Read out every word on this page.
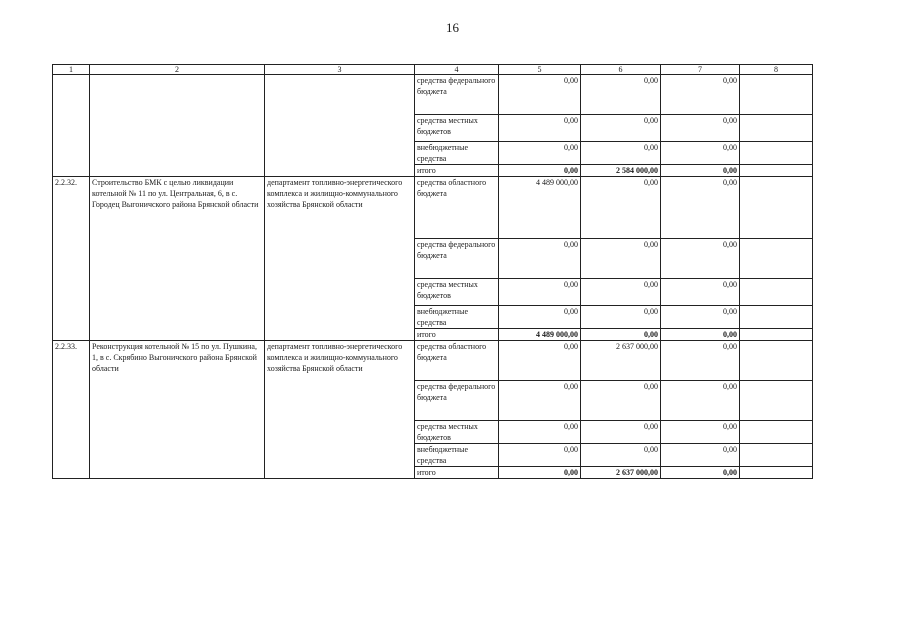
16
1	2	3	4	5	6	7	8
			средства федерального бюджета	0,00	0,00	0,00	
			средства местных бюджетов	0,00	0,00	0,00	
			внебюджетные средства	0,00	0,00	0,00	
			итого	0,00	2 584 000,00	0,00	
2.2.32.	Строительство БМК с целью ликвидации котельной № 11 по ул. Центральная, 6, в с. Городец Выгоничского района Брянской области	департамент топливно-энергетического комплекса и жилищно-коммунального хозяйства Брянской области	средства областного бюджета	4 489 000,00	0,00	0,00	
			средства федерального бюджета	0,00	0,00	0,00	
			средства местных бюджетов	0,00	0,00	0,00	
			внебюджетные средства	0,00	0,00	0,00	
			итого	4 489 000,00	0,00	0,00	
2.2.33.	Реконструкция котельной № 15 по ул. Пушкина, 1, в с. Скрябино Выгоничского района Брянской области	департамент топливно-энергетического комплекса и жилищно-коммунального хозяйства Брянской области	средства областного бюджета	0,00	2 637 000,00	0,00	
			средства федерального бюджета	0,00	0,00	0,00	
			средства местных бюджетов	0,00	0,00	0,00	
			внебюджетные средства	0,00	0,00	0,00	
			итого	0,00	2 637 000,00	0,00	
